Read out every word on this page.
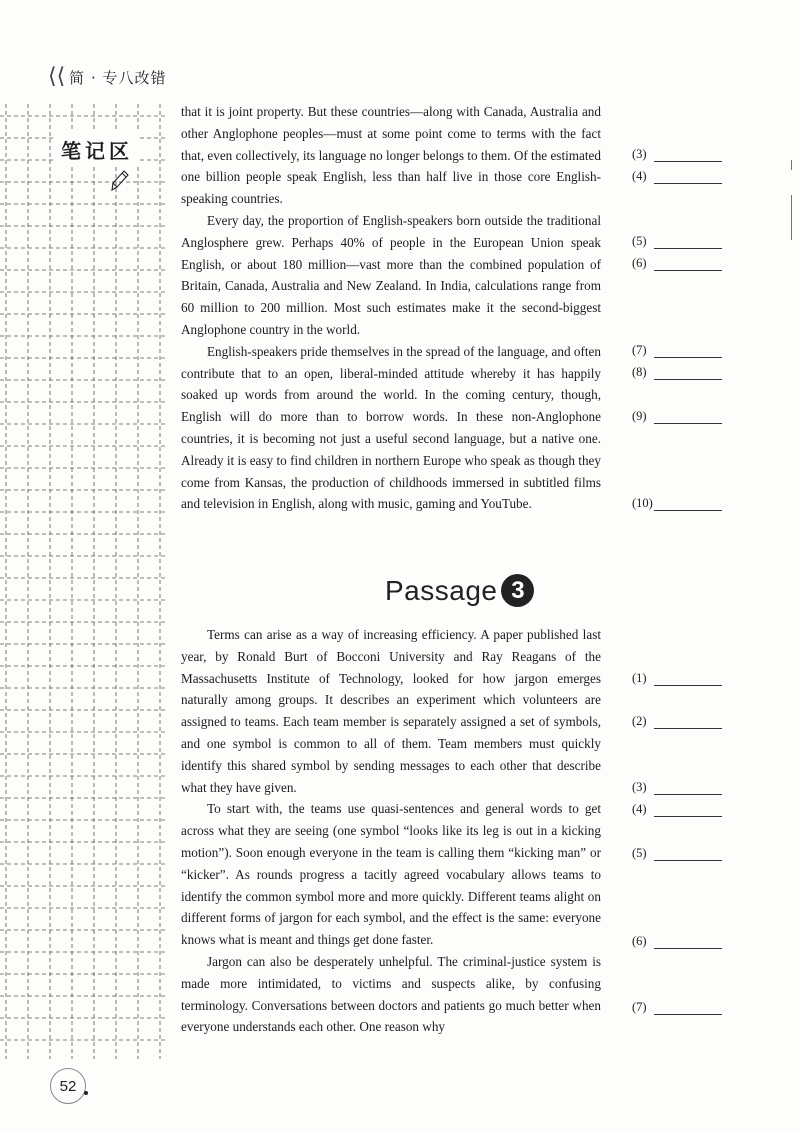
⟨⟨ 简 · 专八改错
笔记区

that it is joint property. But these countries—along with Canada, Australia and other Anglophone peoples—must at some point come to terms with the fact that, even collectively, its language no longer belongs to them. Of the estimated one billion people speak English, less than half live in those core English-speaking countries.

Every day, the proportion of English-speakers born outside the traditional Anglosphere grew. Perhaps 40% of people in the European Union speak English, or about 180 million—vast more than the combined population of Britain, Canada, Australia and New Zealand. In India, calculations range from 60 million to 200 million. Most such estimates make it the second-biggest Anglophone country in the world.

English-speakers pride themselves in the spread of the language, and often contribute that to an open, liberal-minded attitude whereby it has happily soaked up words from around the world. In the coming century, though, English will do more than to borrow words. In these non-Anglophone countries, it is becoming not just a useful second language, but a native one. Already it is easy to find children in northern Europe who speak as though they come from Kansas, the production of childhoods immersed in subtitled films and television in English, along with music, gaming and YouTube.

Passage 3

Terms can arise as a way of increasing efficiency. A paper published last year, by Ronald Burt of Bocconi University and Ray Reagans of the Massachusetts Institute of Technology, looked for how jargon emerges naturally among groups. It describes an experiment which volunteers are assigned to teams. Each team member is separately assigned a set of symbols, and one symbol is common to all of them. Team members must quickly identify this shared symbol by sending messages to each other that describe what they have given.

To start with, the teams use quasi-sentences and general words to get across what they are seeing (one symbol “looks like its leg is out in a kicking motion”). Soon enough everyone in the team is calling them “kicking man” or “kicker”. As rounds progress a tacitly agreed vocabulary allows teams to identify the common symbol more and more quickly. Different teams alight on different forms of jargon for each symbol, and the effect is the same: everyone knows what is meant and things get done faster.

Jargon can also be desperately unhelpful. The criminal-justice system is made more intimidated, to victims and suspects alike, by confusing terminology. Conversations between doctors and patients go much better when everyone understands each other. One reason why

(3)
(4)
(5)
(6)
(7)
(8)
(9)
(10)
(1)
(2)
(3)
(4)
(5)
(6)
(7)
52
